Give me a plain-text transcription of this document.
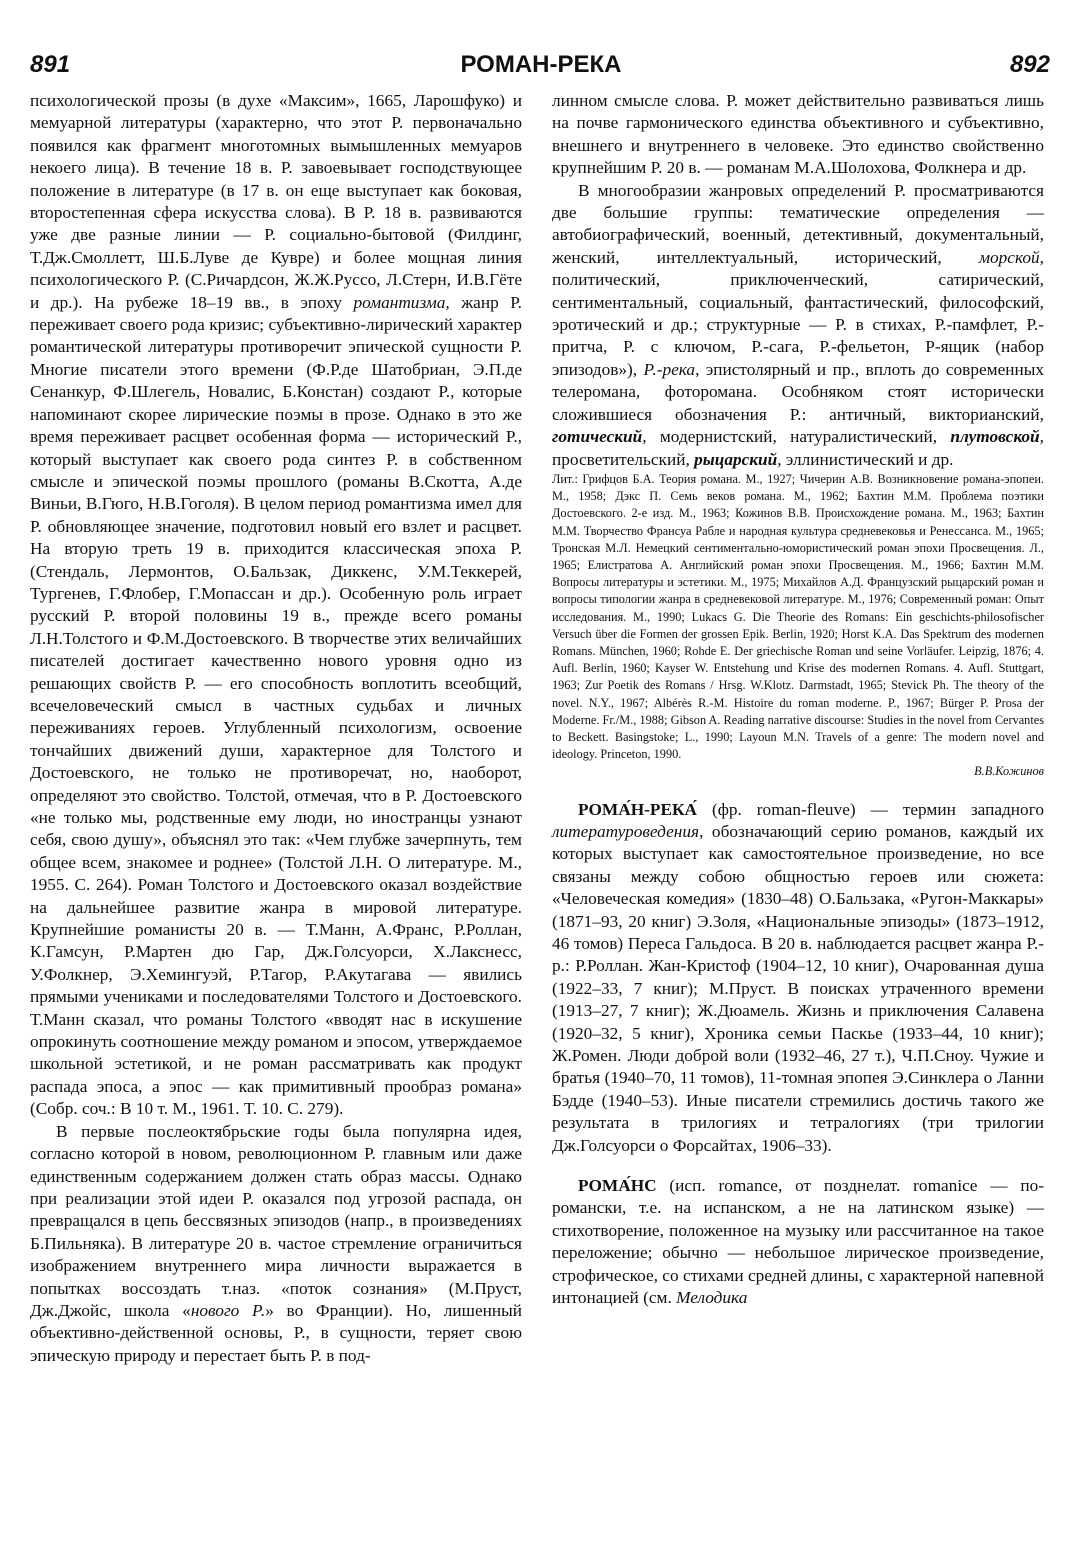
891	РОМАН-РЕКА	892

психологической прозы (в духе «Максим», 1665, Ларошфуко) и мемуарной литературы (характерно, что этот Р. первоначально появился как фрагмент многотомных вымышленных мемуаров некоего лица). В течение 18 в. Р. завоевывает господствующее положение в литературе (в 17 в. он еще выступает как боковая, второстепенная сфера искусства слова). В Р. 18 в. развиваются уже две разные линии — Р. социально-бытовой (Филдинг, Т.Дж.Смоллетт, Ш.Б.Луве де Кувре) и более мощная линия психологического Р. (С.Ричардсон, Ж.Ж.Руссо, Л.Стерн, И.В.Гёте и др.). На рубеже 18–19 вв., в эпоху романтизма, жанр Р. переживает своего рода кризис; субъективно-лирический характер романтической литературы противоречит эпической сущности Р. Многие писатели этого времени (Ф.Р.де Шатобриан, Э.П.де Сенанкур, Ф.Шлегель, Новалис, Б.Констан) создают Р., которые напоминают скорее лирические поэмы в прозе. Однако в это же время переживает расцвет особенная форма — исторический Р., который выступает как своего рода синтез Р. в собственном смысле и эпической поэмы прошлого (романы В.Скотта, А.де Виньи, В.Гюго, Н.В.Гоголя). В целом период романтизма имел для Р. обновляющее значение, подготовил новый его взлет и расцвет. На вторую треть 19 в. приходится классическая эпоха Р. (Стендаль, Лермонтов, О.Бальзак, Диккенс, У.М.Теккерей, Тургенев, Г.Флобер, Г.Мопассан и др.). Особенную роль играет русский Р. второй половины 19 в., прежде всего романы Л.Н.Толстого и Ф.М.Достоевского. В творчестве этих величайших писателей достигает качественно нового уровня одно из решающих свойств Р. — его способность воплотить всеобщий, всечеловеческий смысл в частных судьбах и личных переживаниях героев. Углубленный психологизм, освоение тончайших движений души, характерное для Толстого и Достоевского, не только не противоречат, но, наоборот, определяют это свойство. Толстой, отмечая, что в Р. Достоевского «не только мы, родственные ему люди, но иностранцы узнают себя, свою душу», объяснял это так: «Чем глубже зачерпнуть, тем общее всем, знакомее и роднее» (Толстой Л.Н. О литературе. М., 1955. С. 264). Роман Толстого и Достоевского оказал воздействие на дальнейшее развитие жанра в мировой литературе. Крупнейшие романисты 20 в. — Т.Манн, А.Франс, Р.Роллан, К.Гамсун, Р.Мартен дю Гар, Дж.Голсуорси, Х.Лакснесс, У.Фолкнер, Э.Хемингуэй, Р.Тагор, Р.Акутагава — явились прямыми учениками и последователями Толстого и Достоевского. Т.Манн сказал, что романы Толстого «вводят нас в искушение опрокинуть соотношение между романом и эпосом, утверждаемое школьной эстетикой, и не роман рассматривать как продукт распада эпоса, а эпос — как примитивный прообраз романа» (Собр. соч.: В 10 т. М., 1961. Т. 10. С. 279).

В первые послеоктябрьские годы была популярна идея, согласно которой в новом, революционном Р. главным или даже единственным содержанием должен стать образ массы. Однако при реализации этой идеи Р. оказался под угрозой распада, он превращался в цепь бессвязных эпизодов (напр., в произведениях Б.Пильняка). В литературе 20 в. частое стремление ограничиться изображением внутреннего мира личности выражается в попытках воссоздать т.наз. «поток сознания» (М.Пруст, Дж.Джойс, школа «нового Р.» во Франции). Но, лишенный объективно-действенной основы, Р., в сущности, теряет свою эпическую природу и перестает быть Р. в под-

линном смысле слова. Р. может действительно развиваться лишь на почве гармонического единства объективного и субъективно, внешнего и внутреннего в человеке. Это единство свойственно крупнейшим Р. 20 в. — романам М.А.Шолохова, Фолкнера и др.

В многообразии жанровых определений Р. просматриваются две большие группы: тематические определения — автобиографический, военный, детективный, документальный, женский, интеллектуальный, исторический, морской, политический, приключенческий, сатирический, сентиментальный, социальный, фантастический, философский, эротический и др.; структурные — Р. в стихах, Р.-памфлет, Р.-притча, Р. с ключом, Р.-сага, Р.-фельетон, Р-ящик (набор эпизодов»), Р.-река, эпистолярный и пр., вплоть до современных телеромана, фоторомана. Особняком стоят исторически сложившиеся обозначения Р.: античный, викторианский, готический, модернистский, натуралистический, плутовской, просветительский, рыцарский, эллинистический и др.

Лит.: Грифцов Б.А. Теория романа. М., 1927; Чичерин А.В. Возникновение романа-эпопеи. М., 1958; Дэкс П. Семь веков романа. М., 1962; Бахтин М.М. Проблема поэтики Достоевского. 2-е изд. М., 1963; Кожинов В.В. Происхождение романа. М., 1963; Бахтин М.М. Творчество Франсуа Рабле и народная культура средневековья и Ренессанса. М., 1965; Тронская М.Л. Немецкий сентиментально-юмористический роман эпохи Просвещения. Л., 1965; Елистратова А. Английский роман эпохи Просвещения. М., 1966; Бахтин М.М. Вопросы литературы и эстетики. М., 1975; Михайлов А.Д. Французский рыцарский роман и вопросы типологии жанра в средневековой литературе. М., 1976; Современный роман: Опыт исследования. М., 1990; Lukacs G. Die Theorie des Romans: Ein geschichts-philosofischer Versuch über die Formen der grossen Epik. Berlin, 1920; Horst K.A. Das Spektrum des modernen Romans. München, 1960; Rohde E. Der griechische Roman und seine Vorläufer. Leipzig, 1876; 4. Aufl. Berlin, 1960; Kayser W. Entstehung und Krise des modernen Romans. 4. Aufl. Stuttgart, 1963; Zur Poetik des Romans / Hrsg. W.Klotz. Darmstadt, 1965; Stevick Ph. The theory of the novel. N.Y., 1967; Albérès R.-M. Histoire du roman moderne. P., 1967; Bürger P. Prosa der Moderne. Fr./M., 1988; Gibson A. Reading narrative discourse: Studies in the novel from Cervantes to Beckett. Basingstoke; L., 1990; Layoun M.N. Travels of a genre: The modern novel and ideology. Princeton, 1990.

В.В.Кожинов

РОМА́Н-РЕКА́ (фр. roman-fleuve) — термин западного литературоведения, обозначающий серию романов, каждый их которых выступает как самостоятельное произведение, но все связаны между собою общностью героев или сюжета: «Человеческая комедия» (1830–48) О.Бальзака, «Ругон-Маккары» (1871–93, 20 книг) Э.Золя, «Национальные эпизоды» (1873–1912, 46 томов) Переса Гальдоса. В 20 в. наблюдается расцвет жанра Р.-р.: Р.Роллан. Жан-Кристоф (1904–12, 10 книг), Очарованная душа (1922–33, 7 книг); М.Пруст. В поисках утраченного времени (1913–27, 7 книг); Ж.Дюамель. Жизнь и приключения Салавена (1920–32, 5 книг), Хроника семьи Паскье (1933–44, 10 книг); Ж.Ромен. Люди доброй воли (1932–46, 27 т.), Ч.П.Сноу. Чужие и братья (1940–70, 11 томов), 11-томная эпопея Э.Синклера о Ланни Бэдде (1940–53). Иные писатели стремились достичь такого же результата в трилогиях и тетралогиях (три трилогии Дж.Голсуорси о Форсайтах, 1906–33).

РОМА́НС (исп. romance, от позднелат. romanice — по-романски, т.е. на испанском, а не на латинском языке) — стихотворение, положенное на музыку или рассчитанное на такое переложение; обычно — небольшое лирическое произведение, строфическое, со стихами средней длины, с характерной напевной интонацией (см. Мелодика
